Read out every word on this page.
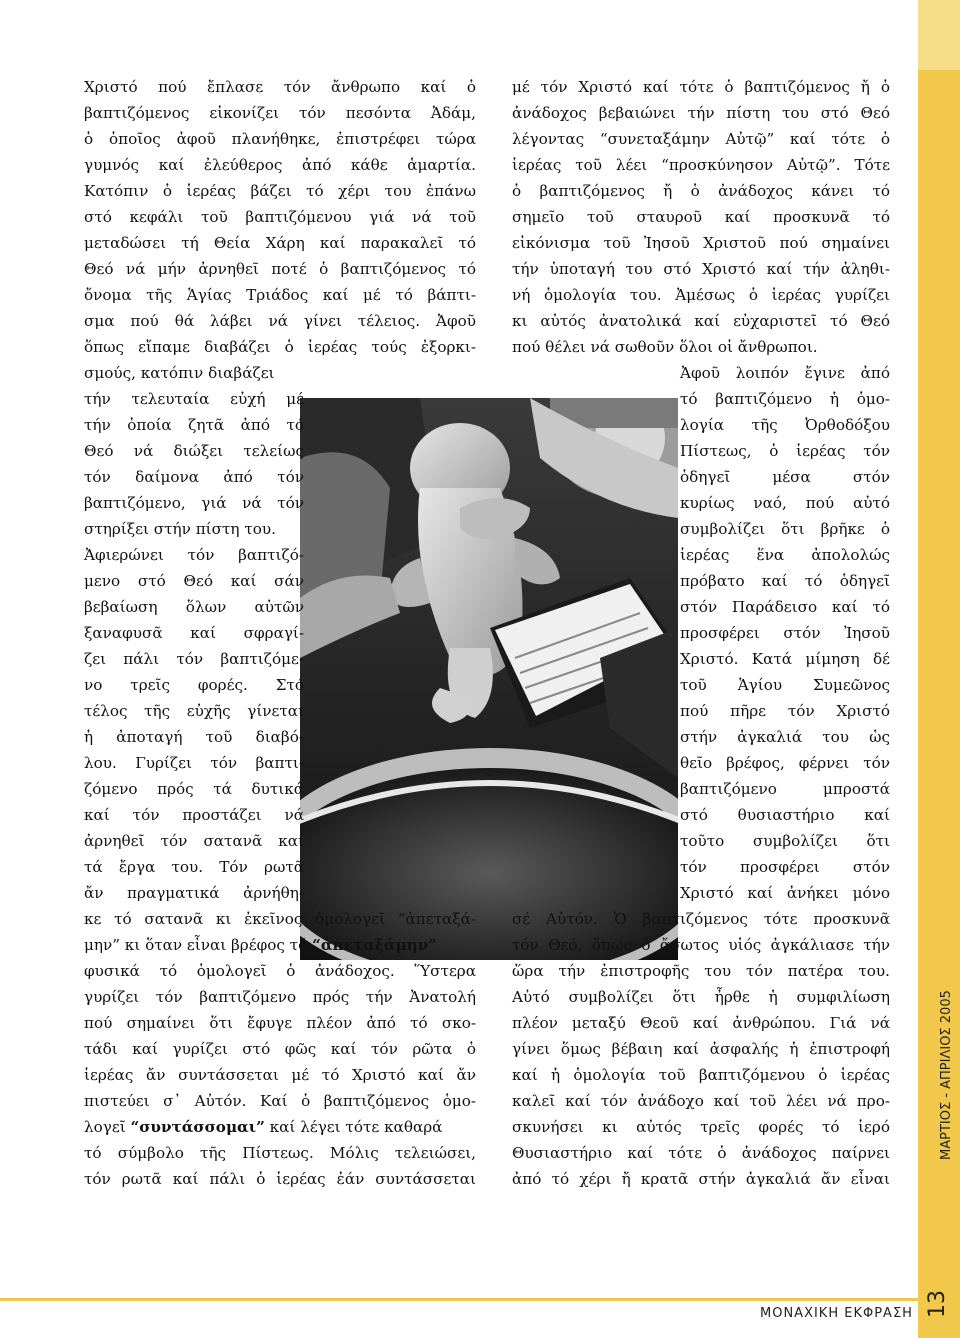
Χριστό πού ἔπλασε τόν ἄνθρωπο καί ὁ
βαπτιζόμενος εἰκονίζει τόν πεσόντα Ἀδάμ,
ὁ ὁποῖος ἀφοῦ πλανήθηκε, ἐπιστρέφει τώρα
γυμνός καί ἐλεύθερος ἀπό κάθε ἁμαρτία.
Κατόπιν ὁ ἱερέας βάζει τό χέρι του ἐπάνω
στό κεφάλι τοῦ βαπτιζόμενου γιά νά τοῦ
μεταδώσει τή Θεία Χάρη καί παρακαλεῖ τό
Θεό νά μήν ἀρνηθεῖ ποτέ ὁ βαπτιζόμενος τό
ὄνομα τῆς Ἁγίας Τριάδος καί μέ τό βάπτι-
σμα πού θά λάβει νά γίνει τέλειος. Ἀφοῦ
ὅπως εἴπαμε διαβάζει ὁ ἱερέας τούς ἐξορκι-
σμούς, κατόπιν διαβάζει
τήν τελευταία εὐχή μέ
τήν ὁποία ζητᾶ ἀπό τό
Θεό νά διώξει τελείως
τόν δαίμονα ἀπό τόν
βαπτιζόμενο, γιά νά τόν
στηρίξει στήν πίστη του.
Ἀφιερώνει τόν βαπτιζό-
μενο στό Θεό καί σάν
βεβαίωση ὅλων αὐτῶν
ξαναφυσᾶ καί σφραγί-
ζει πάλι τόν βαπτιζόμε-
νο τρεῖς φορές. Στό
τέλος τῆς εὐχῆς γίνεται
ἡ ἀποταγή τοῦ διαβό-
λου. Γυρίζει τόν βαπτι-
ζόμενο πρός τά δυτικά
καί τόν προστάζει νά
ἀρνηθεῖ τόν σατανᾶ καί
τά ἔργα του. Τόν ρωτᾶ
ἄν πραγματικά ἀρνήθη-
κε τό σατανᾶ κι ἐκεῖνος ὁμολογεῖ “ἀπεταξά-
μην” κι ὅταν εἶναι βρέφος τό “ἀπεταξάμην”
φυσικά τό ὁμολογεῖ ὁ ἀνάδοχος. Ὕστερα
γυρίζει τόν βαπτιζόμενο πρός τήν Ἀνατολή
πού σημαίνει ὅτι ἔφυγε πλέον ἀπό τό σκο-
τάδι καί γυρίζει στό φῶς καί τόν ρῶτα ὁ
ἱερέας ἄν συντάσσεται μέ τό Χριστό καί ἄν
πιστεύει σ᾽ Αὐτόν. Καί ὁ βαπτιζόμενος ὁμο-
λογεῖ “συντάσσομαι” καί λέγει τότε καθαρά
τό σύμβολο τῆς Πίστεως. Μόλις τελειώσει,
τόν ρωτᾶ καί πάλι ὁ ἱερέας ἐάν συντάσσεται
μέ τόν Χριστό καί τότε ὁ βαπτιζόμενος ἤ ὁ
ἀνάδοχος βεβαιώνει τήν πίστη του στό Θεό
λέγοντας “συνεταξάμην Αὐτῷ” καί τότε ὁ
ἱερέας τοῦ λέει “προσκύνησον Αὐτῷ”. Τότε
ὁ βαπτιζόμενος ἤ ὁ ἀνάδοχος κάνει τό
σημεῖο τοῦ σταυροῦ καί προσκυνᾶ τό
εἰκόνισμα τοῦ Ἰησοῦ Χριστοῦ πού σημαίνει
τήν ὑποταγή του στό Χριστό καί τήν ἀληθι-
νή ὁμολογία του. Ἀμέσως ὁ ἱερέας γυρίζει
κι αὐτός ἀνατολικά καί εὐχαριστεῖ τό Θεό
πού θέλει νά σωθοῦν ὅλοι οἱ ἄνθρωποι.
Ἀφοῦ λοιπόν ἔγινε ἀπό
τό βαπτιζόμενο ἡ ὁμο-
λογία τῆς Ὀρθοδόξου
Πίστεως, ὁ ἱερέας τόν
ὁδηγεῖ μέσα στόν
κυρίως ναό, πού αὐτό
συμβολίζει ὅτι βρῆκε ὁ
ἱερέας ἕνα ἀπολολώς
πρόβατο καί τό ὁδηγεῖ
στόν Παράδεισο καί τό
προσφέρει στόν Ἰησοῦ
Χριστό. Κατά μίμηση δέ
τοῦ Ἁγίου Συμεῶνος
πού πῆρε τόν Χριστό
στήν ἀγκαλιά του ὡς
θεῖο βρέφος, φέρνει τόν
βαπτιζόμενο μπροστά
στό θυσιαστήριο καί
τοῦτο συμβολίζει ὅτι
τόν προσφέρει στόν
Χριστό καί ἀνήκει μόνο
σέ Αὐτόν. Ὁ βαπτιζόμενος τότε προσκυνᾶ
τόν Θεό, ὅπως ὁ ἄσωτος υἱός ἀγκάλιασε τήν
ὥρα τήν ἐπιστροφῆς του τόν πατέρα του.
Αὐτό συμβολίζει ὅτι ἦρθε ἡ συμφιλίωση
πλέον μεταξύ Θεοῦ καί ἀνθρώπου. Γιά νά
γίνει ὅμως βέβαιη καί ἀσφαλής ἡ ἐπιστροφή
καί ἡ ὁμολογία τοῦ βαπτιζόμενου ὁ ἱερέας
καλεῖ καί τόν ἀνάδοχο καί τοῦ λέει νά προ-
σκυνήσει κι αὐτός τρεῖς φορές τό ἱερό
Θυσιαστήριο καί τότε ὁ ἀνάδοχος παίρνει
ἀπό τό χέρι ἤ κρατᾶ στήν ἀγκαλιά ἄν εἶναι
ΜΟΝΑΧΙΚΗ ΕΚΦΡΑΣΗ
ΜΑΡΤΙΟΣ - ΑΠΡΙΛΙΟΣ 2005
13
